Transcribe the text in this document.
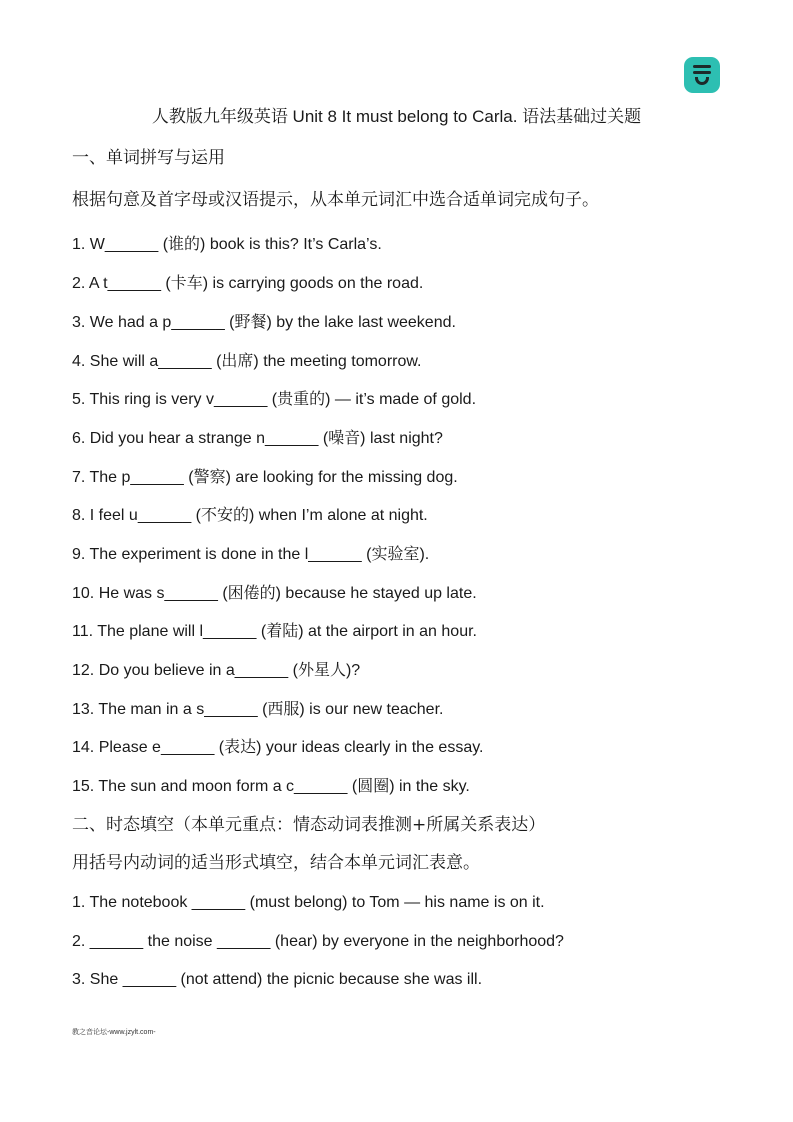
人教版九年级英语 Unit 8 It must belong to Carla. 语法基础过关题
一、单词拼写与运用
根据句意及首字母或汉语提示，从本单元词汇中选合适单词完成句子。
1. W______ (谁的) book is this? It’s Carla’s.
2. A t______ (卡车) is carrying goods on the road.
3. We had a p______ (野餐) by the lake last weekend.
4. She will a______ (出席) the meeting tomorrow.
5. This ring is very v______ (贵重的) — it’s made of gold.
6. Did you hear a strange n______ (噪音) last night?
7. The p______ (警察) are looking for the missing dog.
8. I feel u______ (不安的) when I’m alone at night.
9. The experiment is done in the l______ (实验室).
10. He was s______ (困倦的) because he stayed up late.
11. The plane will l______ (着陆) at the airport in an hour.
12. Do you believe in a______ (外星人)?
13. The man in a s______ (西服) is our new teacher.
14. Please e______ (表达) your ideas clearly in the essay.
15. The sun and moon form a c______ (圆圈) in the sky.
二、时态填空（本单元重点：情态动词表推测+所属关系表达）
用括号内动词的适当形式填空，结合本单元词汇表意。
1. The notebook ______ (must belong) to Tom — his name is on it.
2. ______ the noise ______ (hear) by everyone in the neighborhood?
3. She ______ (not attend) the picnic because she was ill.
教之音论坛-www.jzylt.com-
